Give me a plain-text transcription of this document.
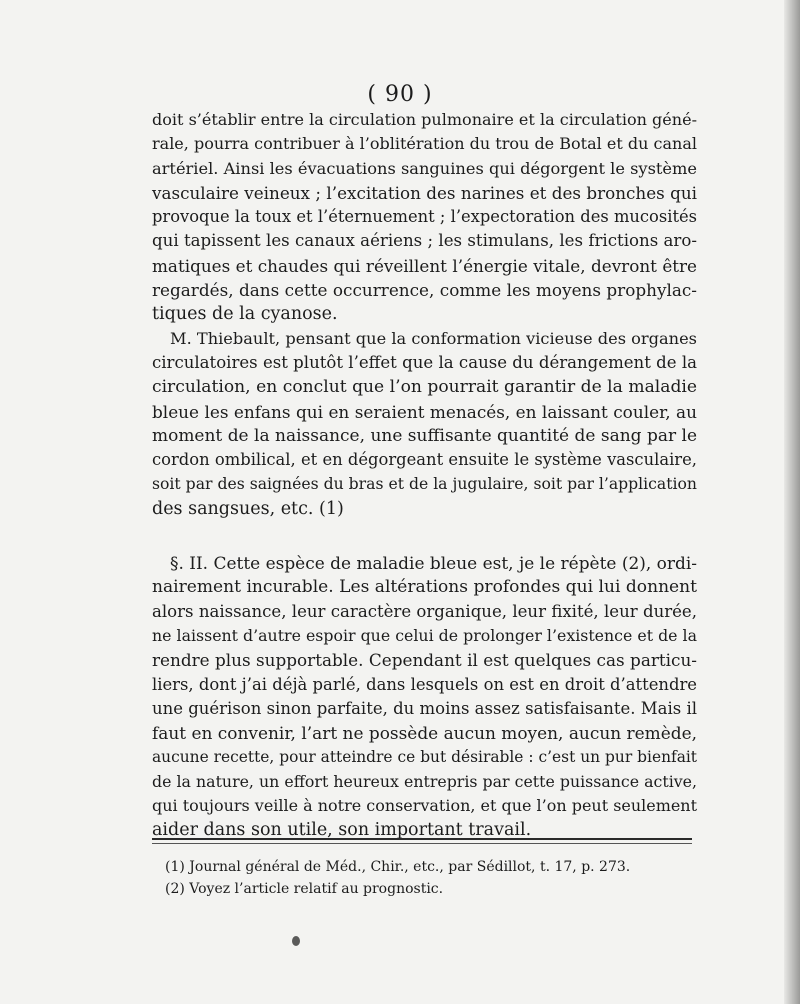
( 90 )
doit s’établir entre la circulation pulmonaire et la circulation géné-
rale, pourra contribuer à l’oblitération du trou de Botal et du canal
artériel. Ainsi les évacuations sanguines qui dégorgent le système
vasculaire veineux ; l’excitation des narines et des bronches qui
provoque la toux et l’éternuement ; l’expectoration des mucosités
qui tapissent les canaux aériens ; les stimulans, les frictions aro-
matiques et chaudes qui réveillent l’énergie vitale, devront être
regardés, dans cette occurrence, comme les moyens prophylac-
tiques de la cyanose.
M. Thiebault, pensant que la conformation vicieuse des organes
circulatoires est plutôt l’effet que la cause du dérangement de la
circulation, en conclut que l’on pourrait garantir de la maladie
bleue les enfans qui en seraient menacés, en laissant couler, au
moment de la naissance, une suffisante quantité de sang par le
cordon ombilical, et en dégorgeant ensuite le système vasculaire,
soit par des saignées du bras et de la jugulaire, soit par l’application
des sangsues, etc. (1)
§. II. Cette espèce de maladie bleue est, je le répète (2), ordi-
nairement incurable. Les altérations profondes qui lui donnent
alors naissance, leur caractère organique, leur fixité, leur durée,
ne laissent d’autre espoir que celui de prolonger l’existence et de la
rendre plus supportable. Cependant il est quelques cas particu-
liers, dont j’ai déjà parlé, dans lesquels on est en droit d’attendre
une guérison sinon parfaite, du moins assez satisfaisante. Mais il
faut en convenir, l’art ne possède aucun moyen, aucun remède,
aucune recette, pour atteindre ce but désirable : c’est un pur bienfait
de la nature, un effort heureux entrepris par cette puissance active,
qui toujours veille à notre conservation, et que l’on peut seulement
aider dans son utile, son important travail.
(1) Journal général de Méd., Chir., etc., par Sédillot, t. 17, p. 273.
(2) Voyez l’article relatif au prognostic.
